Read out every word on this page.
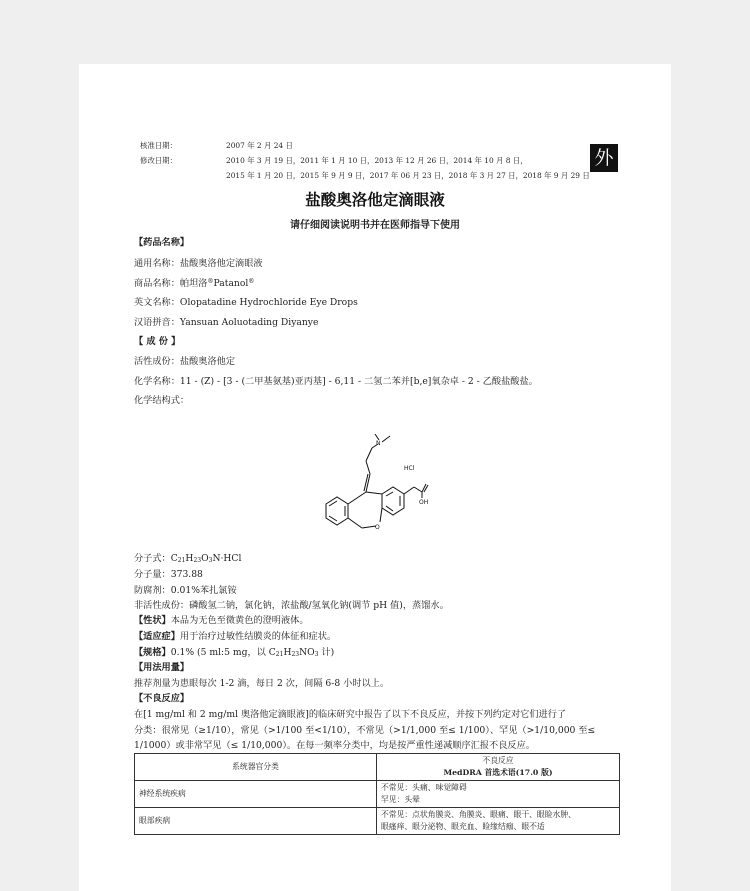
核准日期：	2007 年 2 月 24 日
修改日期：	2010 年 3 月 19 日，2011 年 1 月 10 日，2013 年 12 月 26 日，2014 年 10 月 8 日，
2015 年 1 月 20 日，2015 年 9 月 9 日，2017 年 06 月 23 日，2018 年 3 月 27 日，2018 年 9 月 29 日
外
盐酸奥洛他定滴眼液
请仔细阅读说明书并在医师指导下使用
【药品名称】
通用名称：盐酸奥洛他定滴眼液
商品名称：帕坦洛®Patanol®
英文名称：Olopatadine Hydrochloride Eye Drops
汉语拼音：Yansuan Aoluotading Diyanye
【 成 份 】
活性成份：盐酸奥洛他定
化学名称：11 - (Z) - [3 - (二甲基氨基)亚丙基] - 6,11 - 二氢二苯并[b,e]氧杂卓 - 2 - 乙酸盐酸盐。
化学结构式：
N
HCl
O
OH
分子式：$C_{21}H_{23}O_3N\cdot HCl$
分子量：373.88
防腐剂：0.01%苯扎氯铵
非活性成份：磷酸氢二钠，氯化钠，浓盐酸/氢氧化钠(调节 pH 值)，蒸馏水。
【性状】本品为无色至微黄色的澄明液体。
【适应症】用于治疗过敏性结膜炎的体征和症状。
【规格】0.1% (5 ml:5 mg，以 $C_{21}H_{23}NO_3$ 计)
【用法用量】
推荐剂量为患眼每次 1-2 滴，每日 2 次，间隔 6-8 小时以上。
【不良反应】
在[1 mg/ml 和 2 mg/ml 奥洛他定滴眼液]的临床研究中报告了以下不良反应，并按下列约定对它们进行了
分类：很常见（≥1/10），常见（>1/100 至<1/10），不常见（>1/1,000 至≤ 1/100）、罕见（>1/10,000 至≤
1/1000）或非常罕见（≤ 1/10,000）。在每一频率分类中，均是按严重性递减顺序汇报不良反应。
系统器官分类	不良反应
MedDRA 首选术语(17.0 版)

神经系统疾病	不常见：头痛、味觉障碍
罕见：头晕

眼部疾病	不常见：点状角膜炎、角膜炎、眼痛、眼干、眼睑水肿、
眼瘙痒、眼分泌物、眼充血、睑缘结痂、眼不适
